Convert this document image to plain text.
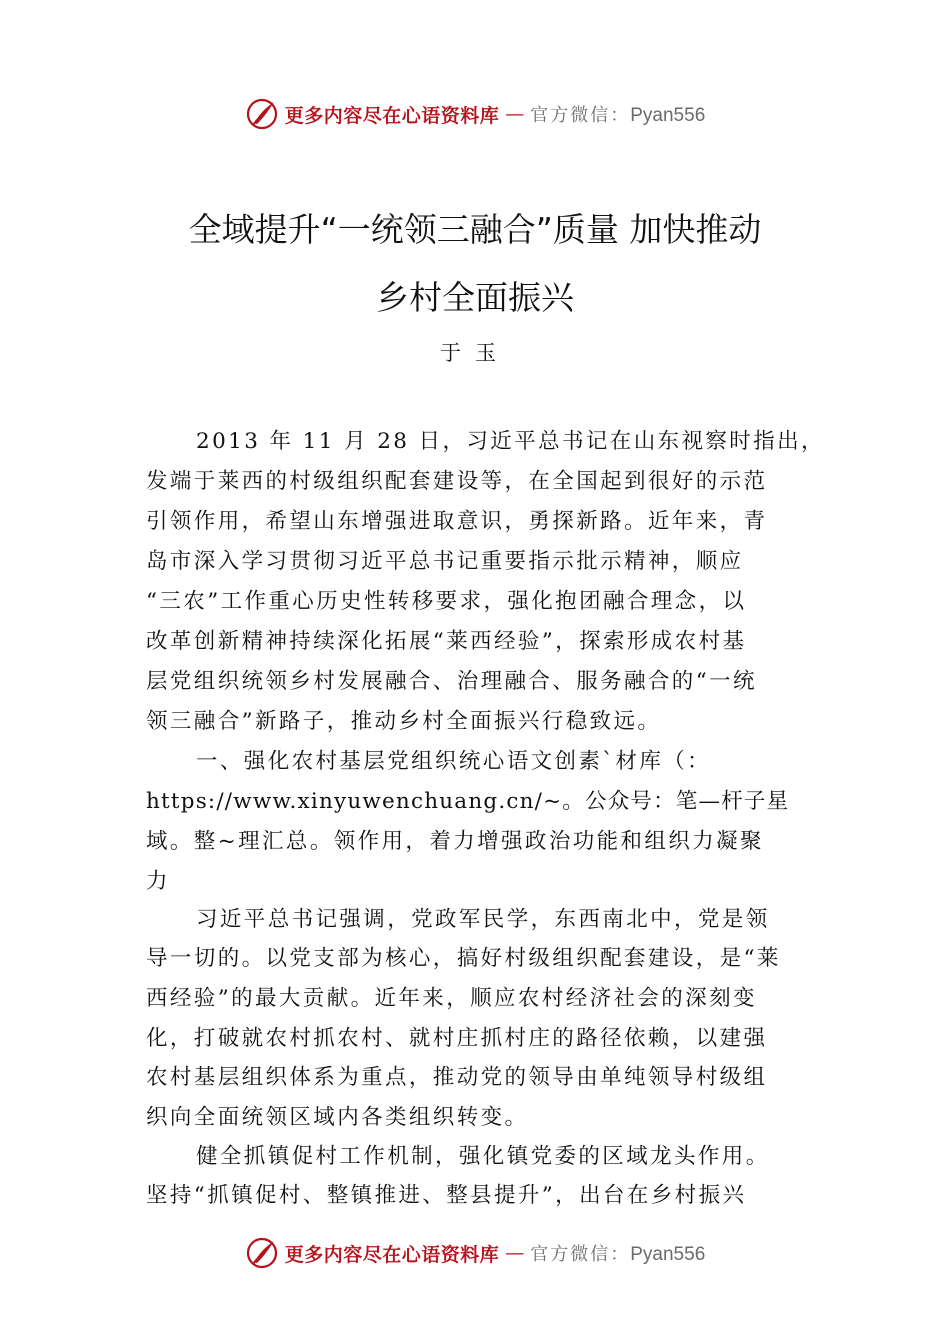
更多内容尽在心语资料库 — 官方微信：Pyan556
全域提升“一统领三融合”质量 加快推动
乡村全面振兴
于玉
2013 年 11 月 28 日，习近平总书记在山东视察时指出，
发端于莱西的村级组织配套建设等，在全国起到很好的示范
引领作用，希望山东增强进取意识，勇探新路。近年来，青
岛市深入学习贯彻习近平总书记重要指示批示精神，顺应
“三农”工作重心历史性转移要求，强化抱团融合理念，以
改革创新精神持续深化拓展“莱西经验”，探索形成农村基
层党组织统领乡村发展融合、治理融合、服务融合的“一统
领三融合”新路子，推动乡村全面振兴行稳致远。
一、强化农村基层党组织统心语文创素`材库（：
https://www.xinyuwenchuang.cn/~。公众号：笔—杆子星
域。整~理汇总。领作用，着力增强政治功能和组织力凝聚
力
习近平总书记强调，党政军民学，东西南北中，党是领
导一切的。以党支部为核心，搞好村级组织配套建设，是“莱
西经验”的最大贡献。近年来，顺应农村经济社会的深刻变
化，打破就农村抓农村、就村庄抓村庄的路径依赖，以建强
农村基层组织体系为重点，推动党的领导由单纯领导村级组
织向全面统领区域内各类组织转变。
健全抓镇促村工作机制，强化镇党委的区域龙头作用。
坚持“抓镇促村、整镇推进、整县提升”，出台在乡村振兴
更多内容尽在心语资料库 — 官方微信：Pyan556
